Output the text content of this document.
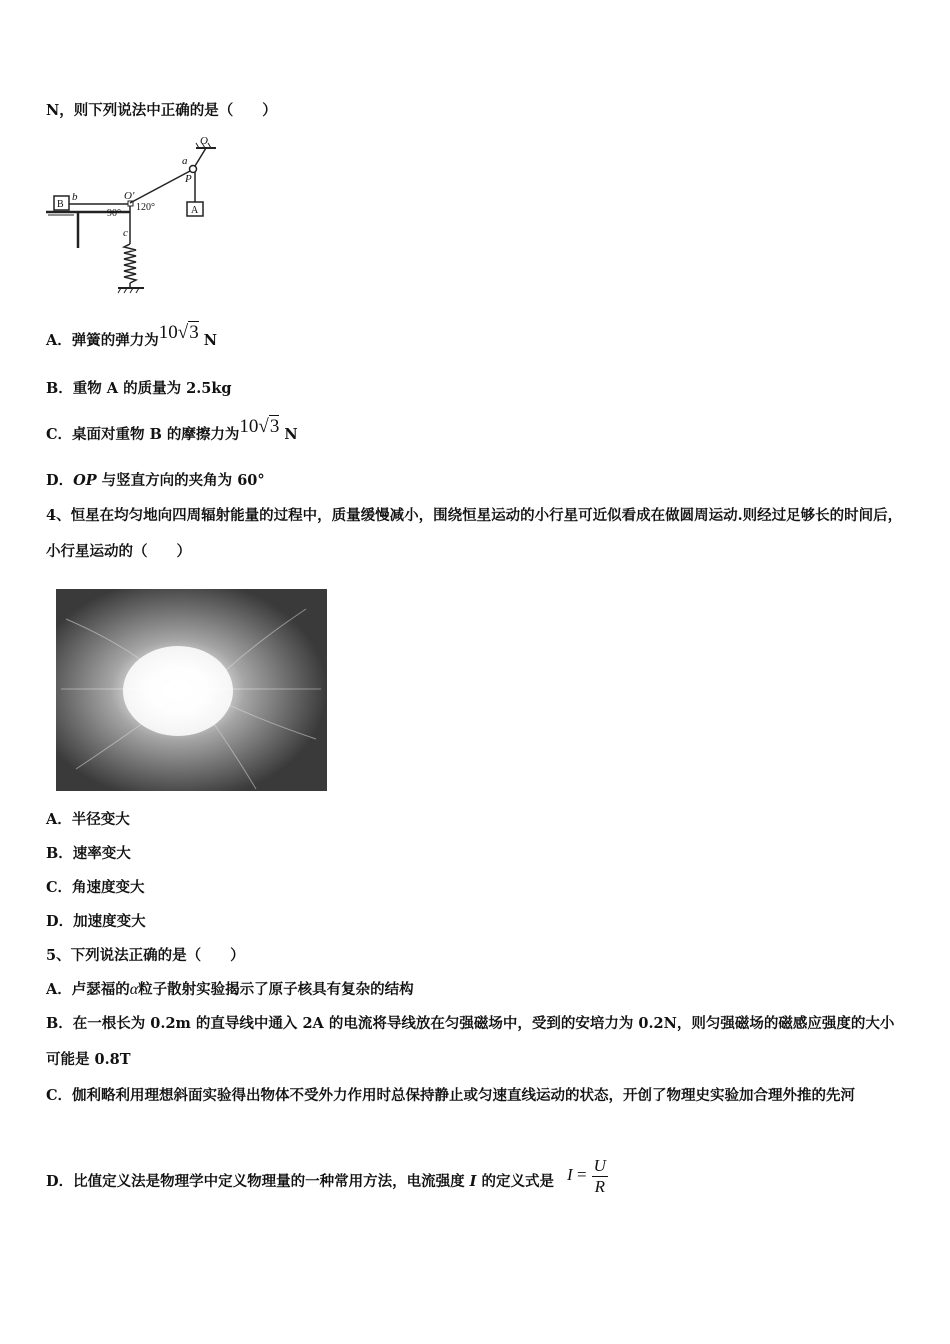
N，则下列说法中正确的是（　　）
O
a
P
O'
b
B
A
c
90°
120°
A．弹簧的弹力为10√3 N
B．重物 A 的质量为 2.5kg
C．桌面对重物 B 的摩擦力为10√3 N
D．OP 与竖直方向的夹角为 60°
4、恒星在均匀地向四周辐射能量的过程中，质量缓慢减小，围绕恒星运动的小行星可近似看成在做圆周运动.则经过足够长的时间后，小行星运动的（　　）
A．半径变大
B．速率变大
C．角速度变大
D．加速度变大
5、下列说法正确的是（　　）
A．卢瑟福的α粒子散射实验揭示了原子核具有复杂的结构
B．在一根长为 0.2m 的直导线中通入 2A 的电流将导线放在匀强磁场中，受到的安培力为 0.2N，则匀强磁场的磁感应强度的大小可能是 0.8T
C．伽利略利用理想斜面实验得出物体不受外力作用时总保持静止或匀速直线运动的状态，开创了物理史实验加合理外推的先河
D．比值定义法是物理学中定义物理量的一种常用方法，电流强度 I 的定义式是 $I = \frac{U}{R}$
